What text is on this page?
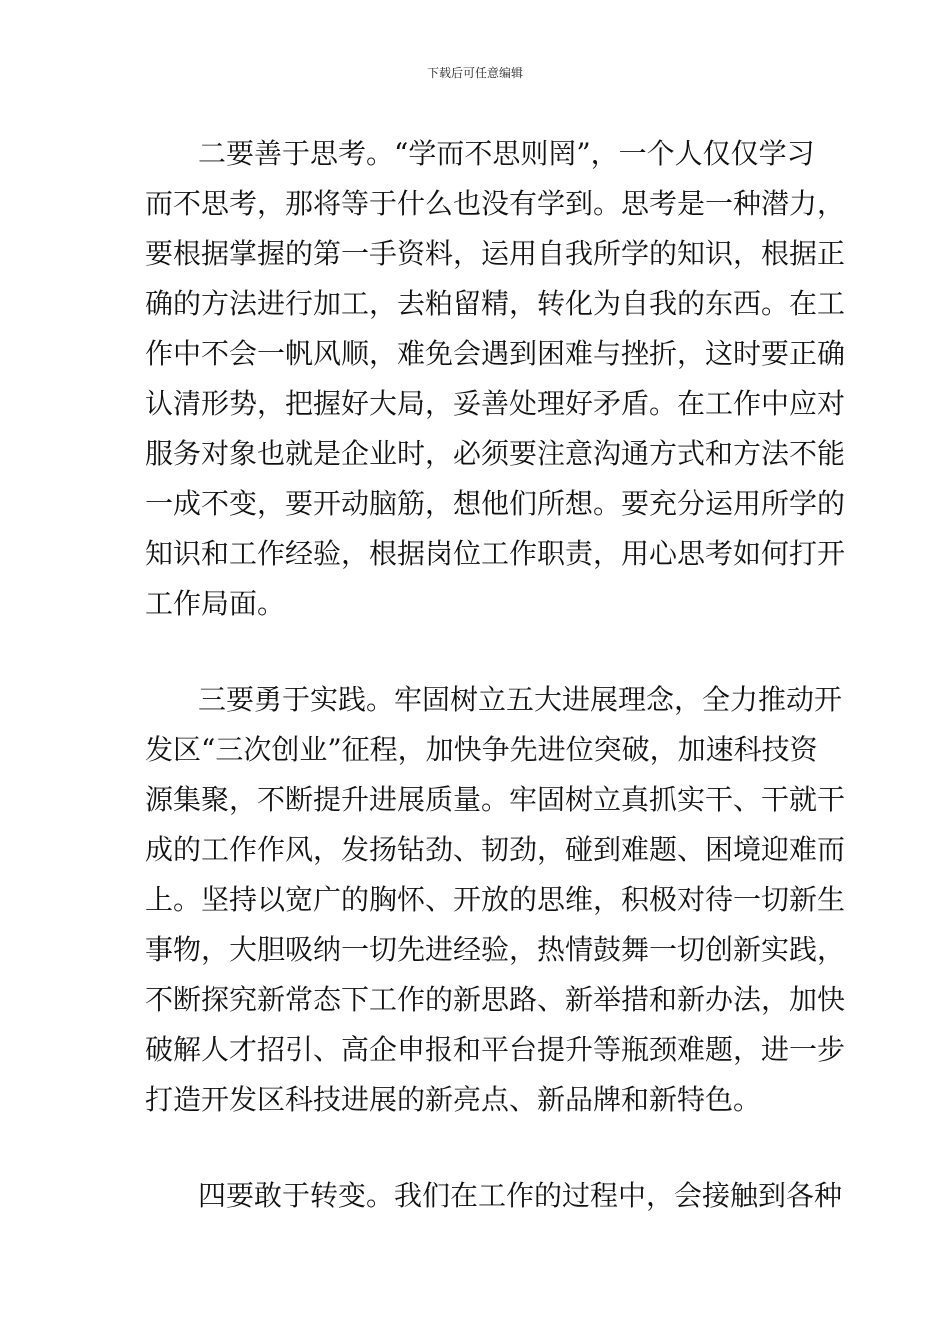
下载后可任意编辑
二要善于思考。“学而不思则罔”，一个人仅仅学习
而不思考，那将等于什么也没有学到。思考是一种潜力，
要根据掌握的第一手资料，运用自我所学的知识，根据正
确的方法进行加工，去粕留精，转化为自我的东西。在工
作中不会一帆风顺，难免会遇到困难与挫折，这时要正确
认清形势，把握好大局，妥善处理好矛盾。在工作中应对
服务对象也就是企业时，必须要注意沟通方式和方法不能
一成不变，要开动脑筋，想他们所想。要充分运用所学的
知识和工作经验，根据岗位工作职责，用心思考如何打开
工作局面。
三要勇于实践。牢固树立五大进展理念，全力推动开
发区“三次创业”征程，加快争先进位突破，加速科技资
源集聚，不断提升进展质量。牢固树立真抓实干、干就干
成的工作作风，发扬钻劲、韧劲，碰到难题、困境迎难而
上。坚持以宽广的胸怀、开放的思维，积极对待一切新生
事物，大胆吸纳一切先进经验，热情鼓舞一切创新实践，
不断探究新常态下工作的新思路、新举措和新办法，加快
破解人才招引、高企申报和平台提升等瓶颈难题，进一步
打造开发区科技进展的新亮点、新品牌和新特色。
四要敢于转变。我们在工作的过程中，会接触到各种
